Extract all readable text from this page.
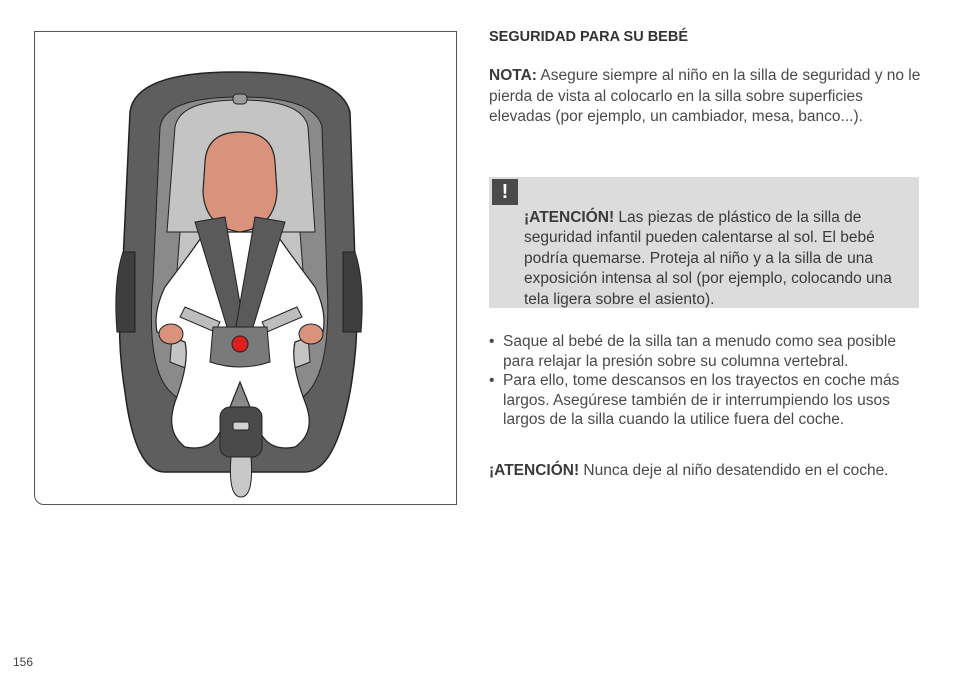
SEGURIDAD PARA SU BEBÉ

NOTA: Asegure siempre al niño en la silla de seguridad y no le pierda de vista al colocarlo en la silla sobre superficies elevadas (por ejemplo, un cambiador, mesa, banco...).

!

¡ATENCIÓN! Las piezas de plástico de la silla de seguridad infantil pueden calentarse al sol. El bebé podría quemarse. Proteja al niño y a la silla de una exposición intensa al sol (por ejemplo, colocando una tela ligera sobre el asiento).

• Saque al bebé de la silla tan a menudo como sea posible para relajar la presión sobre su columna vertebral.
• Para ello, tome descansos en los trayectos en coche más largos. Asegúrese también de ir interrumpiendo los usos largos de la silla cuando la utilice fuera del coche.

¡ATENCIÓN! Nunca deje al niño desatendido en el coche.

156
